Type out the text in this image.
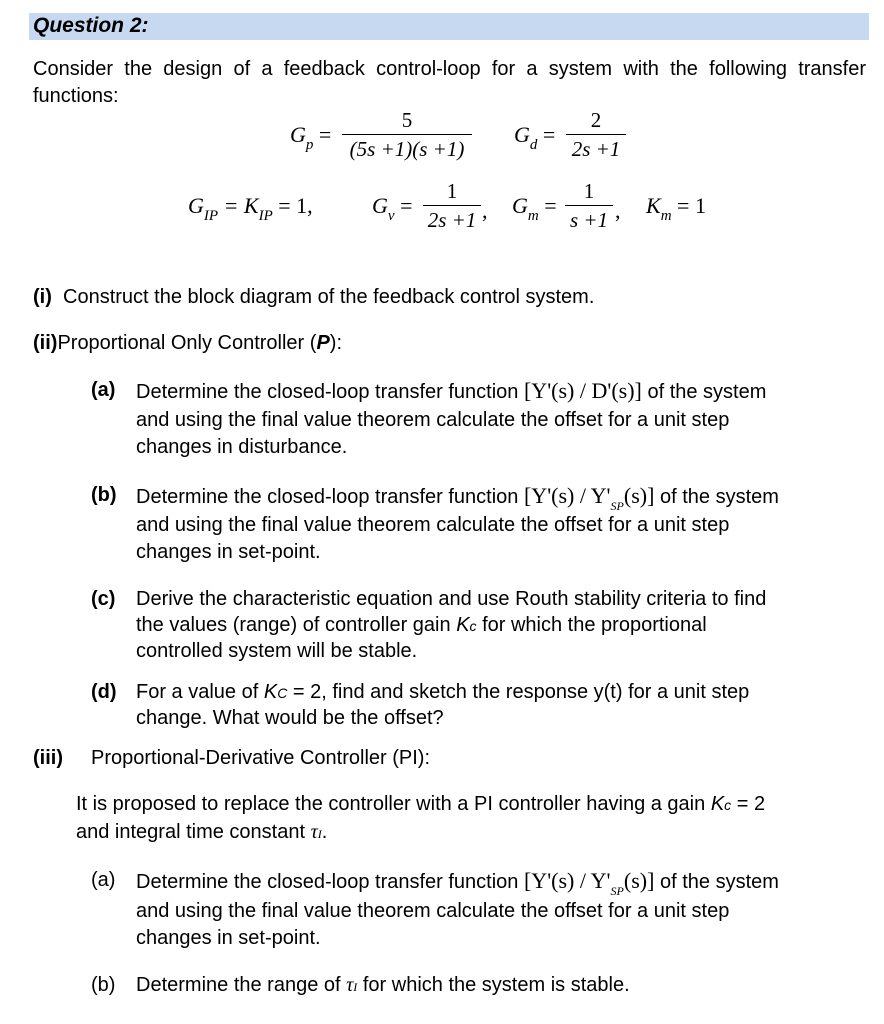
Question 2:
Consider the design of a feedback control-loop for a system with the following transfer functions:
$G_p$ =
5
(5s +1)(s +1)
$G_d$ =
2
2s +1
$G_{IP} = K_{IP} = 1$,	$G_v$ =
1
2s +1 , $G_m$ =
1
s +1 , $K_m = 1$
(i) Construct the block diagram of the feedback control system.
(ii)Proportional Only Controller (P):
(a) Determine the closed-loop transfer function [Y'(s) / D'(s)] of the system
and using the final value theorem calculate the offset for a unit step
changes in disturbance.
(b) Determine the closed-loop transfer function $[Y'(s) / Y'_{SP}(s)]$ of the system
and using the final value theorem calculate the offset for a unit step
changes in set-point.
(c) Derive the characteristic equation and use Routh stability criteria to find
the values (range) of controller gain Kc for which the proportional
controlled system will be stable.
(d) For a value of KC = 2, find and sketch the response y(t) for a unit step
change. What would be the offset?
(iii) Proportional-Derivative Controller (PI):
It is proposed to replace the controller with a PI controller having a gain Kc = 2
and integral time constant τI.
(a) Determine the closed-loop transfer function $[Y'(s) / Y'_{SP}(s)]$ of the system
and using the final value theorem calculate the offset for a unit step
changes in set-point.
(b) Determine the range of τI for which the system is stable.
